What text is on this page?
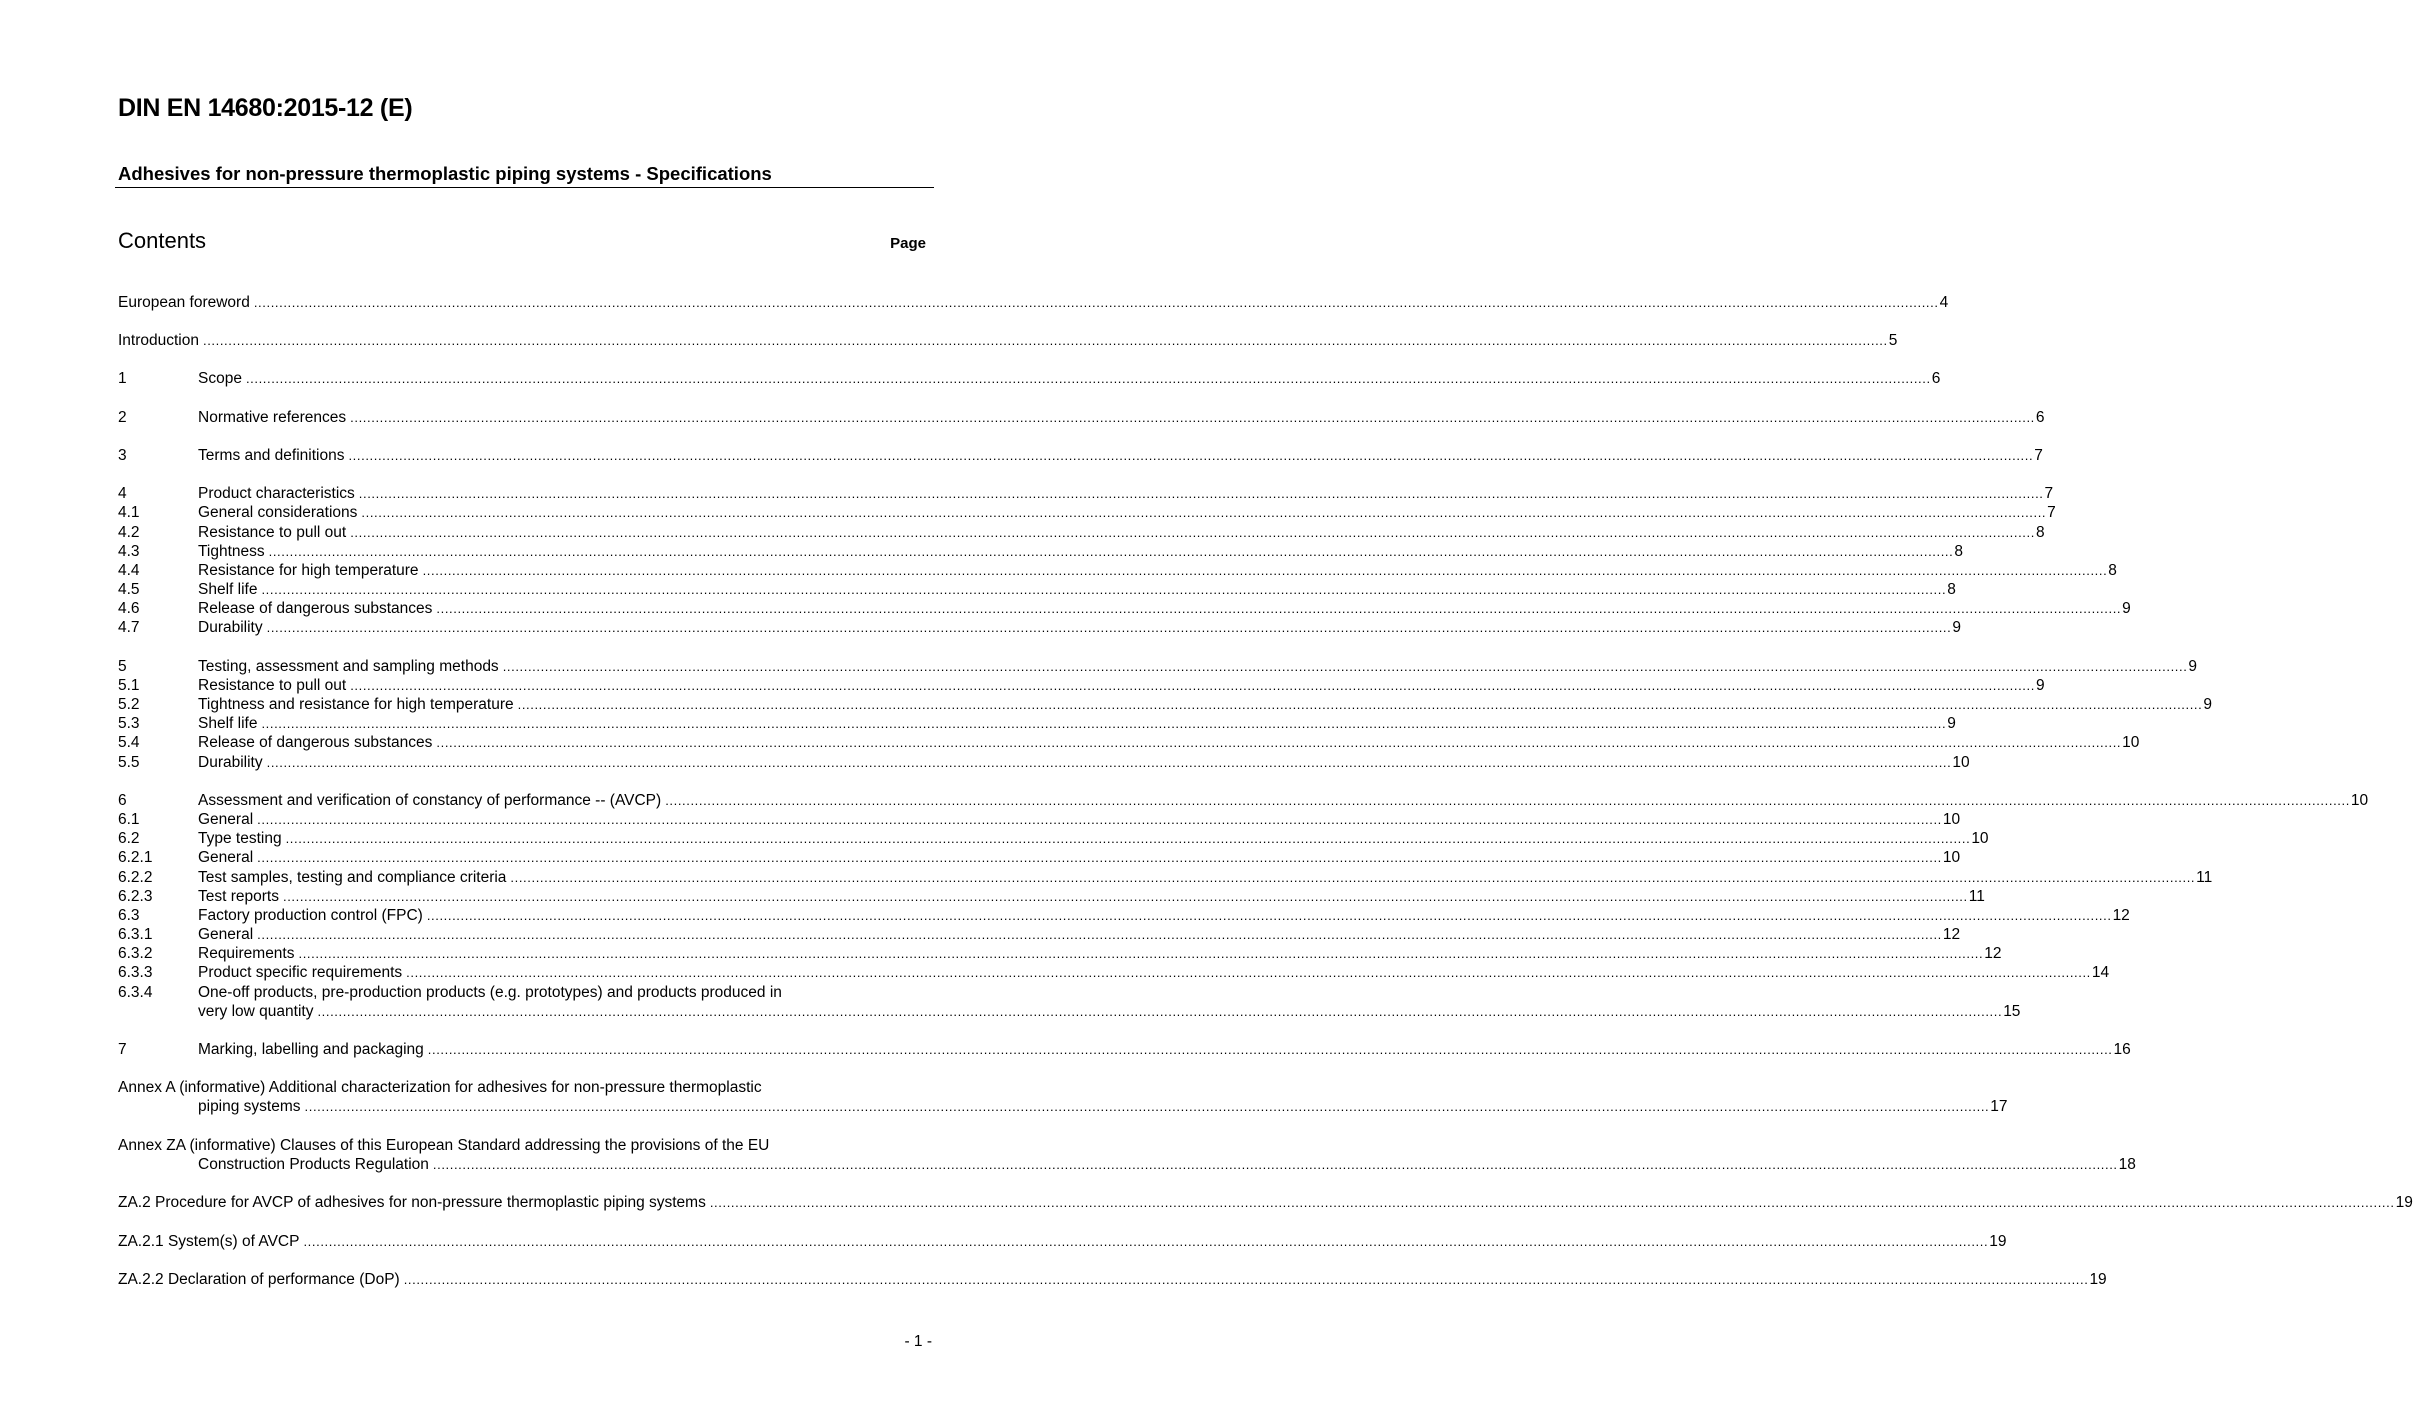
DIN EN 14680:2015-12 (E)
Adhesives for non-pressure thermoplastic piping systems - Specifications
Contents	Page
European foreword ................................................................................................................................................................................................................................................................................................................................................................................................................ 4
Introduction ................................................................................................................................................................................................................................................................................................................................................................................................................ 5
1	Scope ................................................................................................................................................................................................................................................................................................................................................................................................................ 6
2	Normative references ................................................................................................................................................................................................................................................................................................................................................................................................................ 6
3	Terms and definitions ................................................................................................................................................................................................................................................................................................................................................................................................................ 7
4	Product characteristics ................................................................................................................................................................................................................................................................................................................................................................................................................ 7
4.1	General considerations ................................................................................................................................................................................................................................................................................................................................................................................................................ 7
4.2	Resistance to pull out ................................................................................................................................................................................................................................................................................................................................................................................................................ 8
4.3	Tightness ................................................................................................................................................................................................................................................................................................................................................................................................................ 8
4.4	Resistance for high temperature ................................................................................................................................................................................................................................................................................................................................................................................................................ 8
4.5	Shelf life ................................................................................................................................................................................................................................................................................................................................................................................................................ 8
4.6	Release of dangerous substances ................................................................................................................................................................................................................................................................................................................................................................................................................ 9
4.7	Durability ................................................................................................................................................................................................................................................................................................................................................................................................................ 9
5	Testing, assessment and sampling methods ................................................................................................................................................................................................................................................................................................................................................................................................................ 9
5.1	Resistance to pull out ................................................................................................................................................................................................................................................................................................................................................................................................................ 9
5.2	Tightness and resistance for high temperature ................................................................................................................................................................................................................................................................................................................................................................................................................ 9
5.3	Shelf life ................................................................................................................................................................................................................................................................................................................................................................................................................ 9
5.4	Release of dangerous substances ................................................................................................................................................................................................................................................................................................................................................................................................................ 10
5.5	Durability ................................................................................................................................................................................................................................................................................................................................................................................................................ 10
6	Assessment and verification of constancy of performance -- (AVCP) ................................................................................................................................................................................................................................................................................................................................................................................................................ 10
6.1	General ................................................................................................................................................................................................................................................................................................................................................................................................................ 10
6.2	Type testing ................................................................................................................................................................................................................................................................................................................................................................................................................ 10
6.2.1	General ................................................................................................................................................................................................................................................................................................................................................................................................................ 10
6.2.2	Test samples, testing and compliance criteria ................................................................................................................................................................................................................................................................................................................................................................................................................ 11
6.2.3	Test reports ................................................................................................................................................................................................................................................................................................................................................................................................................ 11
6.3	Factory production control (FPC) ................................................................................................................................................................................................................................................................................................................................................................................................................ 12
6.3.1	General ................................................................................................................................................................................................................................................................................................................................................................................................................ 12
6.3.2	Requirements ................................................................................................................................................................................................................................................................................................................................................................................................................ 12
6.3.3	Product specific requirements ................................................................................................................................................................................................................................................................................................................................................................................................................ 14
6.3.4	One-off products, pre-production products (e.g. prototypes) and products produced in
very low quantity ................................................................................................................................................................................................................................................................................................................................................................................................................ 15
7	Marking, labelling and packaging ................................................................................................................................................................................................................................................................................................................................................................................................................ 16
Annex A (informative) Additional characterization for adhesives for non-pressure thermoplastic
piping systems ................................................................................................................................................................................................................................................................................................................................................................................................................ 17
Annex ZA (informative) Clauses of this European Standard addressing the provisions of the EU
Construction Products Regulation ................................................................................................................................................................................................................................................................................................................................................................................................................ 18
ZA.2 Procedure for AVCP of adhesives for non-pressure thermoplastic piping systems ................................................................................................................................................................................................................................................................................................................................................................................................................ 19
ZA.2.1 System(s) of AVCP ................................................................................................................................................................................................................................................................................................................................................................................................................ 19
ZA.2.2 Declaration of performance (DoP) ................................................................................................................................................................................................................................................................................................................................................................................................................ 19
- 1 -
